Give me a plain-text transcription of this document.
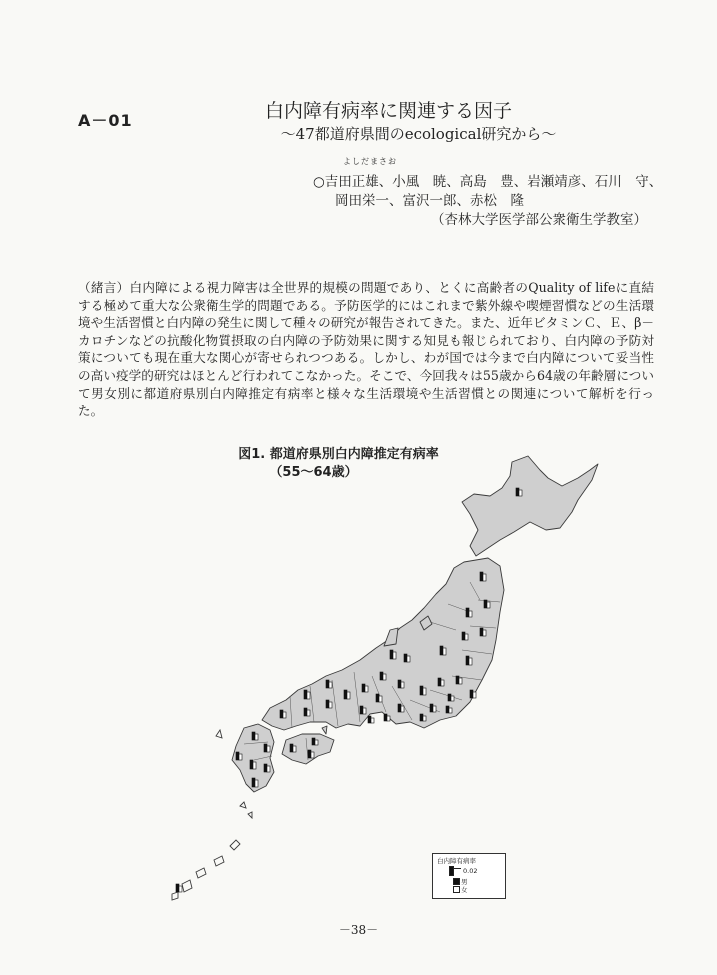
A－01	白内障有病率に関連する因子
～47都道府県間のecological研究から～
よしだまさお
○吉田正雄、小風　暁、高島　豊、岩瀬靖彦、石川　守、
岡田栄一、富沢一郎、赤松　隆
（杏林大学医学部公衆衛生学教室）
（緒言）白内障による視力障害は全世界的規模の問題であり、とくに高齢者のQuality of lifeに直結する極めて重大な公衆衛生学的問題である。予防医学的にはこれまで紫外線や喫煙習慣などの生活環境や生活習慣と白内障の発生に関して種々の研究が報告されてきた。また、近年ビタミンＣ、Ｅ、β－カロチンなどの抗酸化物質摂取の白内障の予防効果に関する知見も報じられており、白内障の予防対策についても現在重大な関心が寄せられつつある。しかし、わが国では今まで白内障について妥当性の高い疫学的研究はほとんど行われてこなかった。そこで、今回我々は55歳から64歳の年齢層について男女別に都道府県別白内障推定有病率と様々な生活環境や生活習慣との関連について解析を行った。
図1. 都道府県別白内障推定有病率
（55～64歳）
白内障有病率
0.02
男
女
－38－
